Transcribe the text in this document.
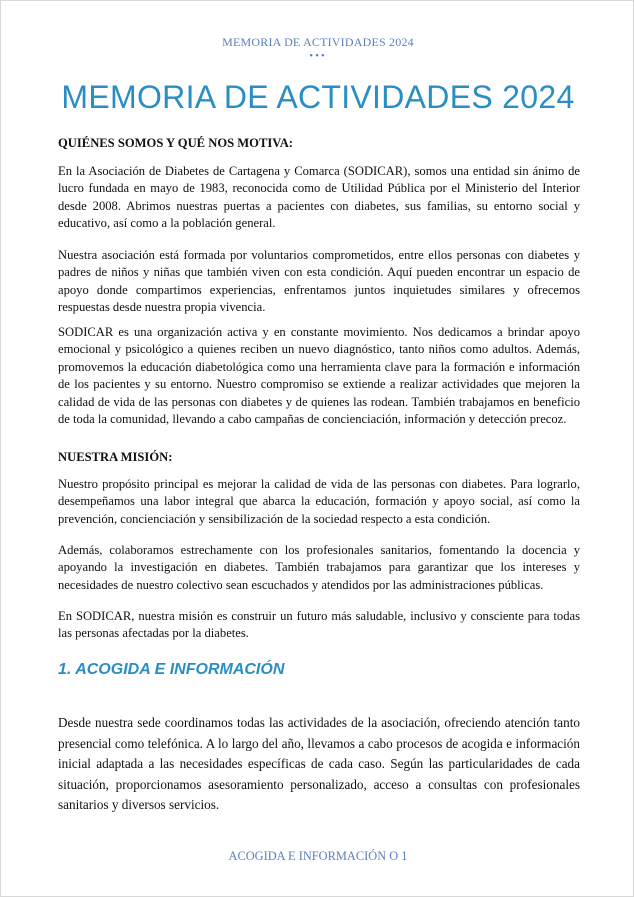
MEMORIA DE ACTIVIDADES 2024
•••
MEMORIA DE ACTIVIDADES 2024

QUIÉNES SOMOS Y QUÉ NOS MOTIVA:

En la Asociación de Diabetes de Cartagena y Comarca (SODICAR), somos una entidad sin ánimo de lucro fundada en mayo de 1983, reconocida como de Utilidad Pública por el Ministerio del Interior desde 2008. Abrimos nuestras puertas a pacientes con diabetes, sus familias, su entorno social y educativo, así como a la población general.

Nuestra asociación está formada por voluntarios comprometidos, entre ellos personas con diabetes y padres de niños y niñas que también viven con esta condición. Aquí pueden encontrar un espacio de apoyo donde compartimos experiencias, enfrentamos juntos inquietudes similares y ofrecemos respuestas desde nuestra propia vivencia.

SODICAR es una organización activa y en constante movimiento. Nos dedicamos a brindar apoyo emocional y psicológico a quienes reciben un nuevo diagnóstico, tanto niños como adultos. Además, promovemos la educación diabetológica como una herramienta clave para la formación e información de los pacientes y su entorno. Nuestro compromiso se extiende a realizar actividades que mejoren la calidad de vida de las personas con diabetes y de quienes las rodean. También trabajamos en beneficio de toda la comunidad, llevando a cabo campañas de concienciación, información y detección precoz.

NUESTRA MISIÓN:

Nuestro propósito principal es mejorar la calidad de vida de las personas con diabetes. Para lograrlo, desempeñamos una labor integral que abarca la educación, formación y apoyo social, así como la prevención, concienciación y sensibilización de la sociedad respecto a esta condición.

Además, colaboramos estrechamente con los profesionales sanitarios, fomentando la docencia y apoyando la investigación en diabetes. También trabajamos para garantizar que los intereses y necesidades de nuestro colectivo sean escuchados y atendidos por las administraciones públicas.

En SODICAR, nuestra misión es construir un futuro más saludable, inclusivo y consciente para todas las personas afectadas por la diabetes.

1. ACOGIDA E INFORMACIÓN

Desde nuestra sede coordinamos todas las actividades de la asociación, ofreciendo atención tanto presencial como telefónica. A lo largo del año, llevamos a cabo procesos de acogida e información inicial adaptada a las necesidades específicas de cada caso. Según las particularidades de cada situación, proporcionamos asesoramiento personalizado, acceso a consultas con profesionales sanitarios y diversos servicios.

ACOGIDA E INFORMACIÓN O 1
